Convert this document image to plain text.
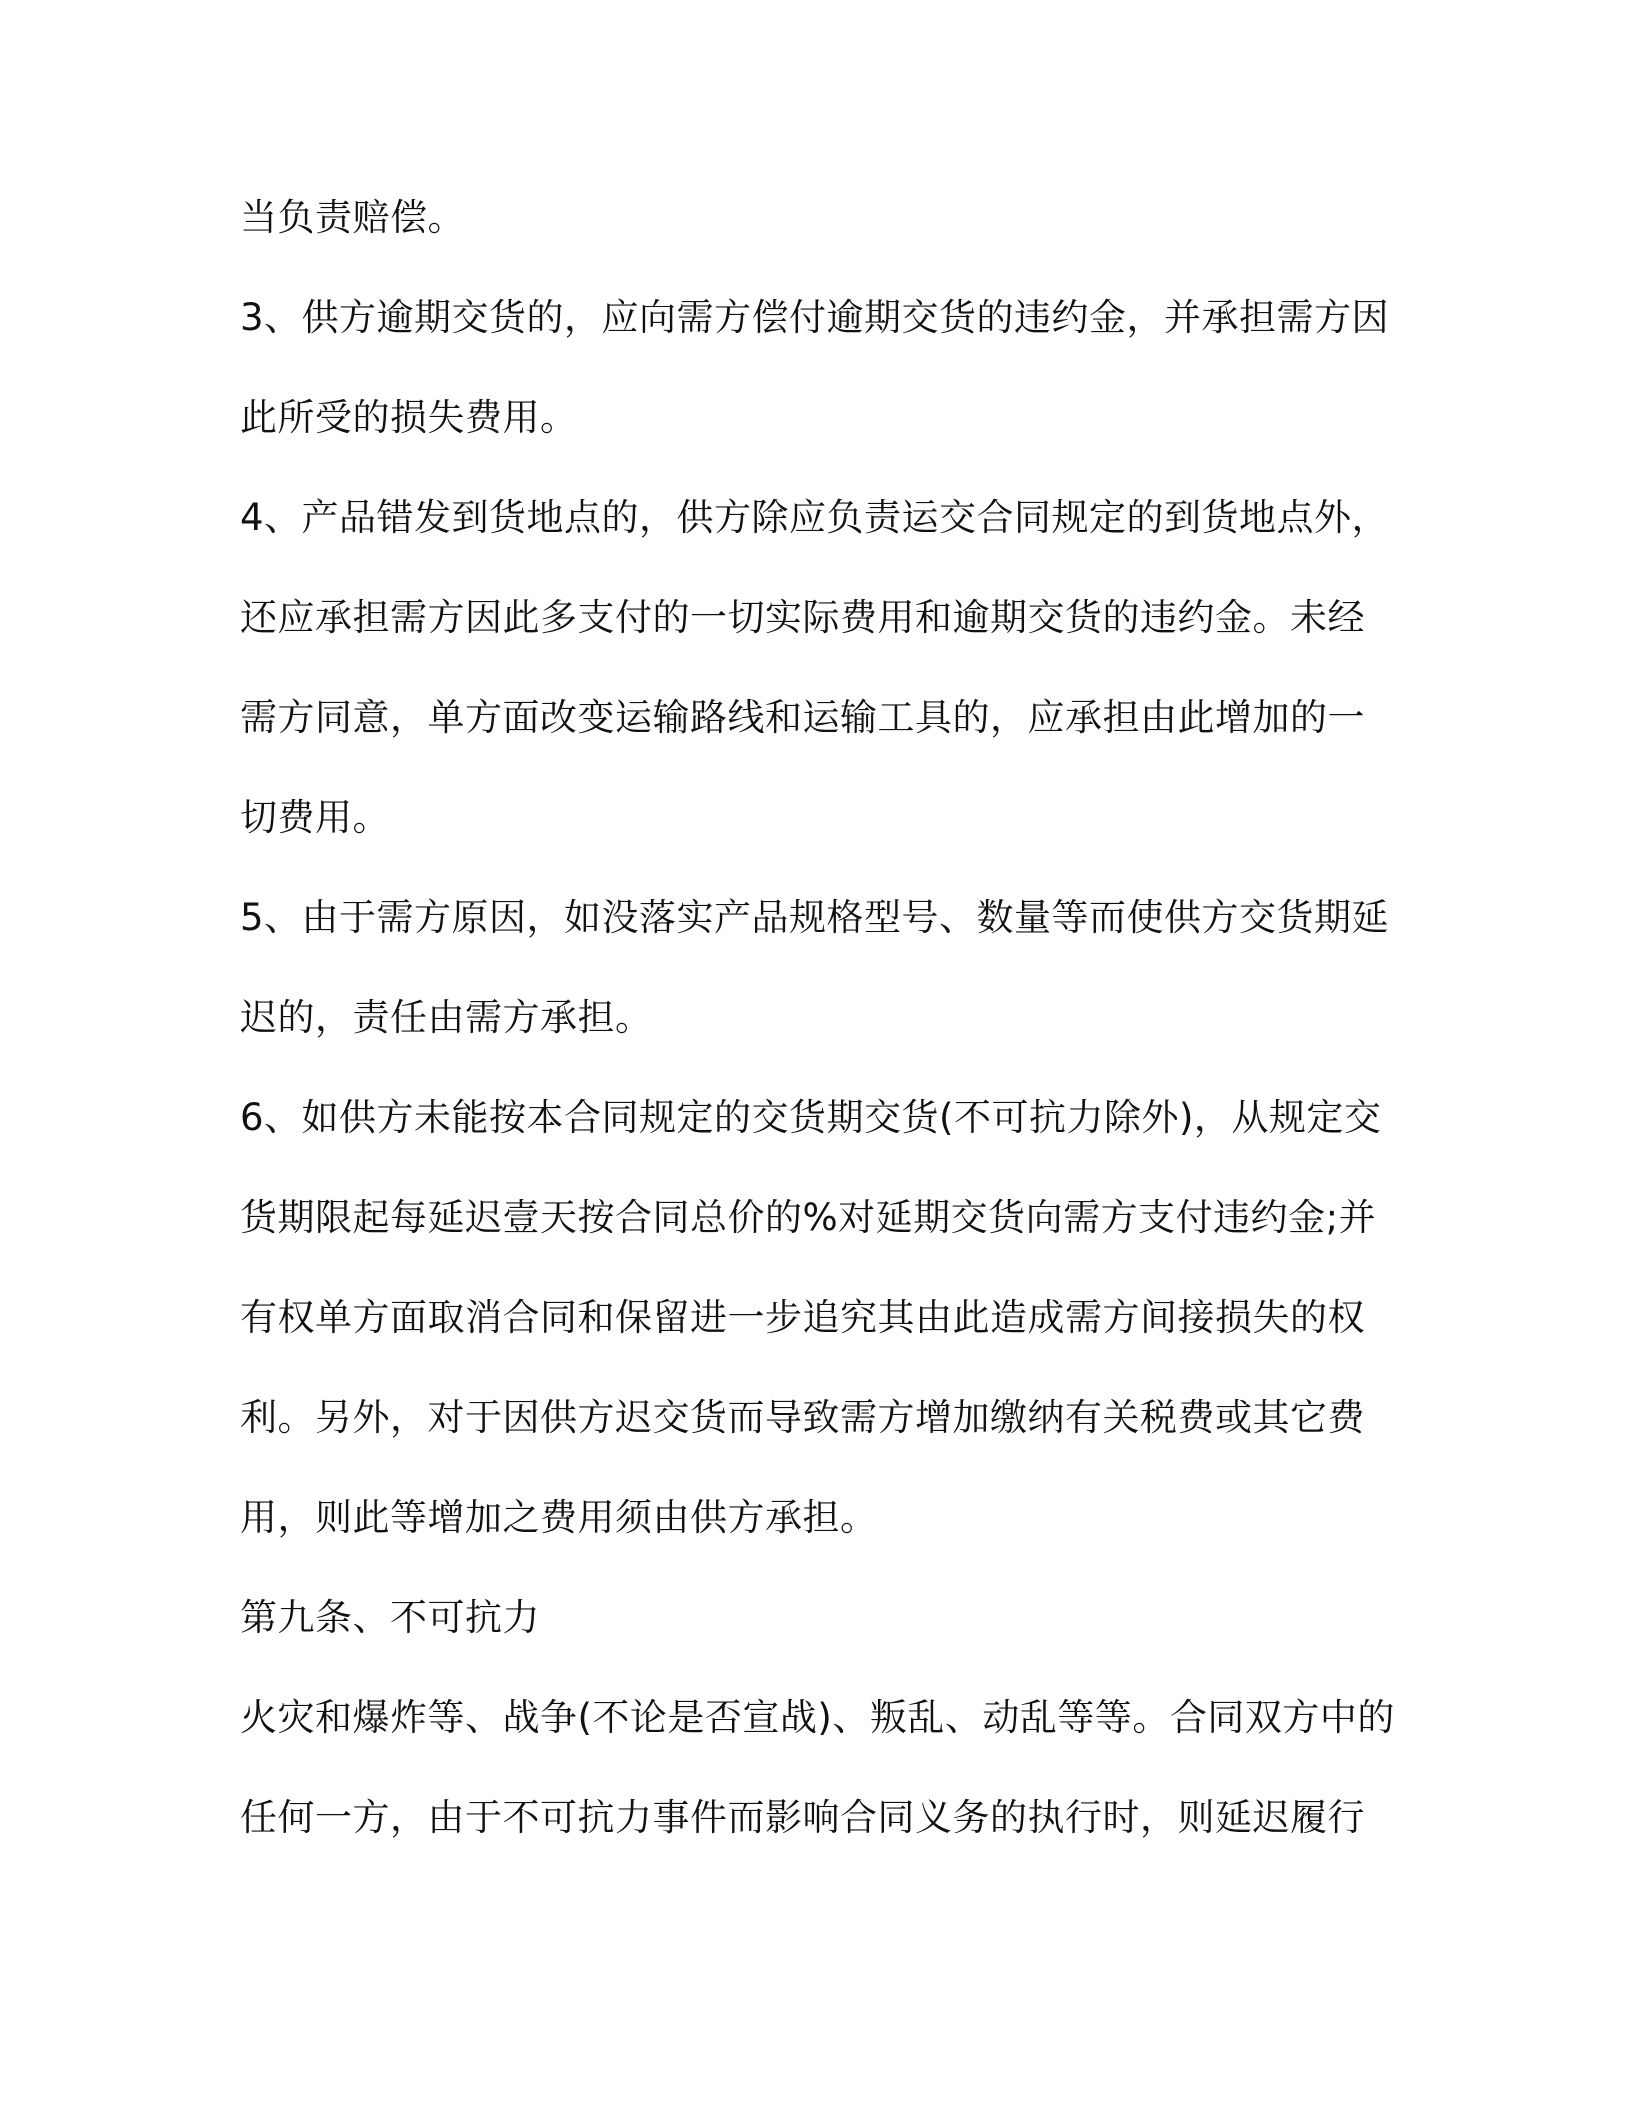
当负责赔偿。

3、供方逾期交货的，应向需方偿付逾期交货的违约金，并承担需方因

此所受的损失费用。

4、产品错发到货地点的，供方除应负责运交合同规定的到货地点外，

还应承担需方因此多支付的一切实际费用和逾期交货的违约金。未经

需方同意，单方面改变运输路线和运输工具的，应承担由此增加的一

切费用。

5、由于需方原因，如没落实产品规格型号、数量等而使供方交货期延

迟的，责任由需方承担。

6、如供方未能按本合同规定的交货期交货(不可抗力除外)，从规定交

货期限起每延迟壹天按合同总价的%对延期交货向需方支付违约金;并

有权单方面取消合同和保留进一步追究其由此造成需方间接损失的权

利。另外，对于因供方迟交货而导致需方增加缴纳有关税费或其它费

用，则此等增加之费用须由供方承担。

第九条、不可抗力

火灾和爆炸等、战争(不论是否宣战)、叛乱、动乱等等。合同双方中的

任何一方，由于不可抗力事件而影响合同义务的执行时，则延迟履行
